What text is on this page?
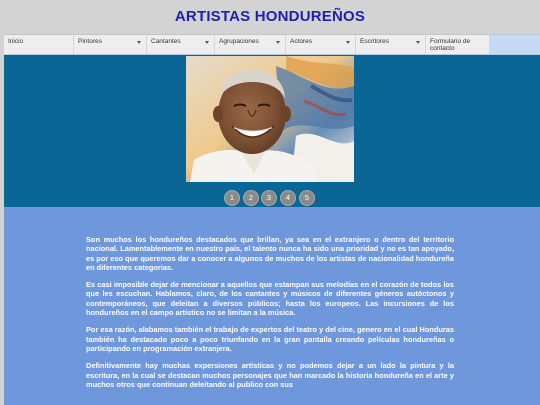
ARTISTAS HONDUREÑOS
Inicio	Pintores	Cantantes	Agrupaciones	Actores	Escritores	Formulario de contacto
1	2	3	4	5

Son muchos los hondureños destacados que brillan, ya sea en el extranjero o dentro del territorio nacional. Lamentablemente en nuestro país, el talento nunca ha sido una prioridad y no es tan apoyado, es por eso que queremos dar a conocer a algunos de muchos de los artistas de nacionalidad hondureña en diferentes categorías.

Es casi imposible dejar de mencionar a aquellos que estampan sus melodías en el corazón de todos los que les escuchan. Hablamos, claro, de los cantantes y músicos de diferentes géneros autóctonos y contemporáneos, que deleitan a diversos públicos; hasta los europeos. Las incursiones de los hondureños en el campo artístico no se limitan a la música.

Por esa razón, alabamos también el trabajo de expertos del teatro y del cine, genero en el cual Honduras también ha destacado poco a poco triunfando en la gran pantalla creando películas hondureñas o participando en programación extranjera.

Definitivamente hay muchas expersiones artísticas y no podemos dejar a un lado la pintura y la escritura, en la cual se destacan muchos personajes que han marcado la historia hondureña en el arte y muchos otros que continuan deleitando al publico con sus
